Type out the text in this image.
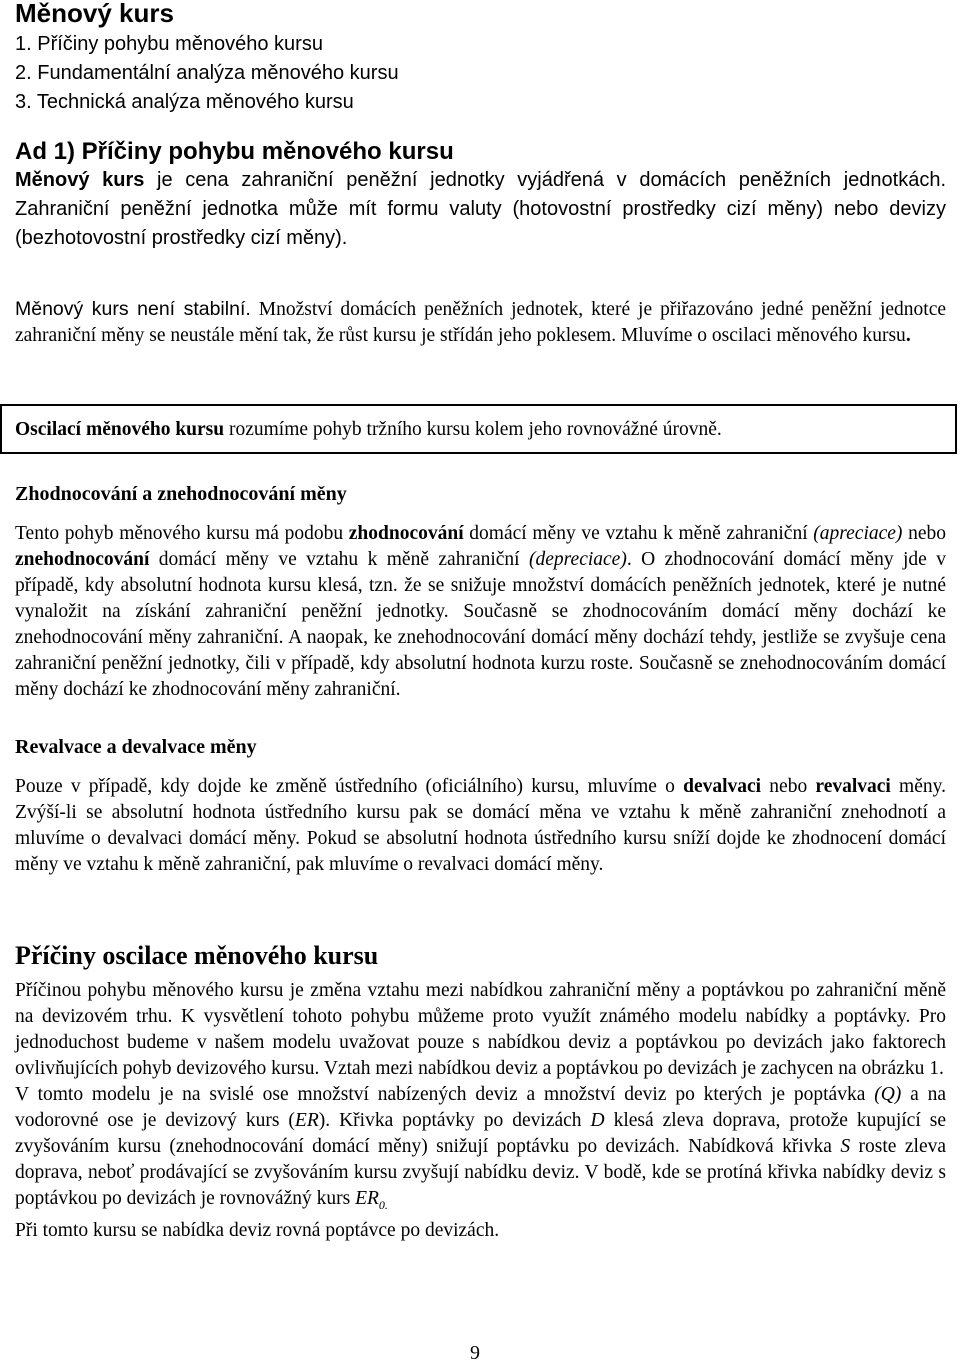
Měnový kurs
1. Příčiny pohybu měnového kursu
2. Fundamentální analýza měnového kursu
3. Technická analýza měnového kursu
Ad 1) Příčiny pohybu měnového kursu

Měnový kurs je cena zahraniční peněžní jednotky vyjádřená v domácích peněžních jednotkách. Zahraniční peněžní jednotka může mít formu valuty (hotovostní prostředky cizí měny) nebo devizy (bezhotovostní prostředky cizí měny).

Měnový kurs není stabilní. Množství domácích peněžních jednotek, které je přiřazováno jedné peněžní jednotce zahraniční měny se neustále mění tak, že růst kursu je střídán jeho poklesem. Mluvíme o oscilaci měnového kursu.

Oscilací měnového kursu rozumíme pohyb tržního kursu kolem jeho rovnovážné úrovně.
Zhodnocování a znehodnocování měny

Tento pohyb měnového kursu má podobu zhodnocování domácí měny ve vztahu k měně zahraniční (apreciace) nebo znehodnocování domácí měny ve vztahu k měně zahraniční (depreciace). O zhodnocování domácí měny jde v případě, kdy absolutní hodnota kursu klesá, tzn. že se snižuje množství domácích peněžních jednotek, které je nutné vynaložit na získání zahraniční peněžní jednotky. Současně se zhodnocováním domácí měny dochází ke znehodnocování měny zahraniční. A naopak, ke znehodnocování domácí měny dochází tehdy, jestliže se zvyšuje cena zahraniční peněžní jednotky, čili v případě, kdy absolutní hodnota kurzu roste. Současně se znehodnocováním domácí měny dochází ke zhodnocování měny zahraniční.

Revalvace a devalvace měny

Pouze v případě, kdy dojde ke změně ústředního (oficiálního) kursu, mluvíme o devalvaci nebo revalvaci měny. Zvýší-li se absolutní hodnota ústředního kursu pak se domácí měna ve vztahu k měně zahraniční znehodnotí a mluvíme o devalvaci domácí měny. Pokud se absolutní hodnota ústředního kursu sníží dojde ke zhodnocení domácí měny ve vztahu k měně zahraniční, pak mluvíme o revalvaci domácí měny.

Příčiny oscilace měnového kursu

Příčinou pohybu měnového kursu je změna vztahu mezi nabídkou zahraniční měny a poptávkou po zahraniční měně na devizovém trhu. K vysvětlení tohoto pohybu můžeme proto využít známého modelu nabídky a poptávky. Pro jednoduchost budeme v našem modelu uvažovat pouze s nabídkou deviz a poptávkou po devizách jako faktorech ovlivňujících pohyb devizového kursu. Vztah mezi nabídkou deviz a poptávkou po devizách je zachycen na obrázku 1.

V tomto modelu je na svislé ose množství nabízených deviz a množství deviz po kterých je poptávka (Q) a na vodorovné ose je devizový kurs (ER). Křivka poptávky po devizách D klesá zleva doprava, protože kupující se zvyšováním kursu (znehodnocování domácí měny) snižují poptávku po devizách. Nabídková křivka S roste zleva doprava, neboť prodávající se zvyšováním kursu zvyšují nabídku deviz. V bodě, kde se protíná křivka nabídky deviz s poptávkou po devizách je rovnovážný kurs $ER_{0.}$
Při tomto kursu se nabídka deviz rovná poptávce po devizách.

9
